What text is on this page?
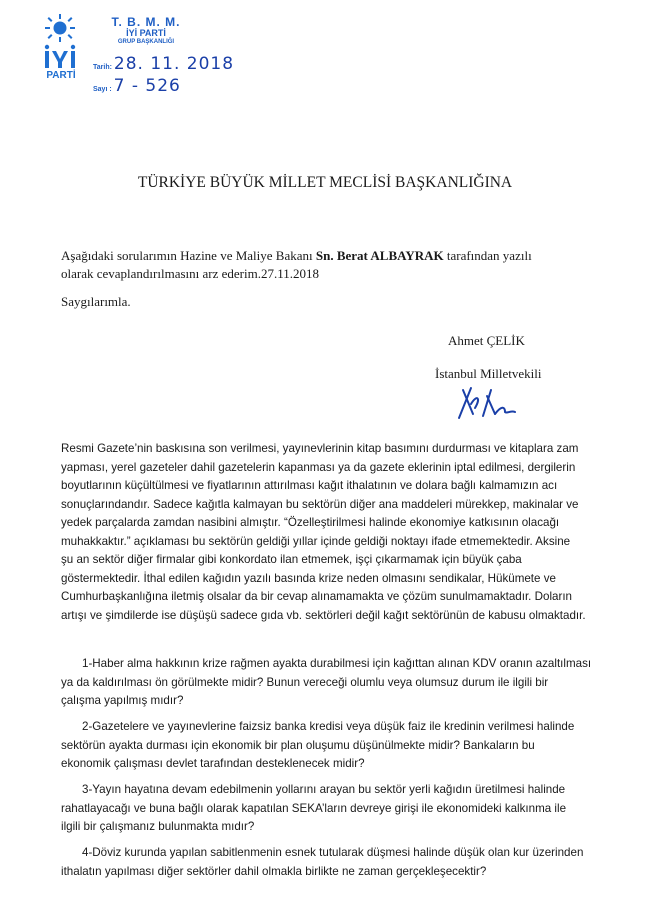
PARTİ
T. B. M. M.
İYİ PARTİ
GRUP BAŞKANLIĞI
Tarih: 28. 11. 2018
Sayı : 7 - 526
TÜRKİYE BÜYÜK MİLLET MECLİSİ BAŞKANLIĞINA
Aşağıdaki sorularımın Hazine ve Maliye Bakanı Sn. Berat ALBAYRAK tarafından yazılı
olarak cevaplandırılmasını arz ederim.27.11.2018
Saygılarımla.
Ahmet ÇELİK
İstanbul Milletvekili
Resmi Gazete’nin baskısına son verilmesi, yayınevlerinin kitap basımını durdurması ve kitaplara zam
yapması, yerel gazeteler dahil gazetelerin kapanması ya da gazete eklerinin iptal edilmesi, dergilerin
boyutlarının küçültülmesi ve fiyatlarının attırılması kağıt ithalatının ve dolara bağlı kalmamızın acı
sonuçlarındandır. Sadece kağıtla kalmayan bu sektörün diğer ana maddeleri mürekkep, makinalar ve
yedek parçalarda zamdan nasibini almıştır. “Özelleştirilmesi halinde ekonomiye katkısının olacağı
muhakkaktır.” açıklaması bu sektörün geldiği yıllar içinde geldiği noktayı ifade etmemektedir. Aksine
şu an sektör diğer firmalar gibi konkordato ilan etmemek, işçi çıkarmamak için büyük çaba
göstermektedir. İthal edilen kağıdın yazılı basında krize neden olmasını sendikalar, Hükümete ve
Cumhurbaşkanlığına iletmiş olsalar da bir cevap alınamamakta ve çözüm sunulmamaktadır. Doların
artışı ve şimdilerde ise düşüşü sadece gıda vb. sektörleri değil kağıt sektörünün de kabusu olmaktadır.
1-Haber alma hakkının krize rağmen ayakta durabilmesi için kağıttan alınan KDV oranın azaltılması
ya da kaldırılması ön görülmekte midir? Bunun vereceği olumlu veya olumsuz durum ile ilgili bir
çalışma yapılmış mıdır?
2-Gazetelere ve yayınevlerine faizsiz banka kredisi veya düşük faiz ile kredinin verilmesi halinde
sektörün ayakta durması için ekonomik bir plan oluşumu düşünülmekte midir? Bankaların bu
ekonomik çalışması devlet tarafından desteklenecek midir?
3-Yayın hayatına devam edebilmenin yollarını arayan bu sektör yerli kağıdın üretilmesi halinde
rahatlayacağı ve buna bağlı olarak kapatılan SEKA’ların devreye girişi ile ekonomideki kalkınma ile
ilgili bir çalışmanız bulunmakta mıdır?
4-Döviz kurunda yapılan sabitlenmenin esnek tutularak düşmesi halinde düşük olan kur üzerinden
ithalatın yapılması diğer sektörler dahil olmakla birlikte ne zaman gerçekleşecektir?
